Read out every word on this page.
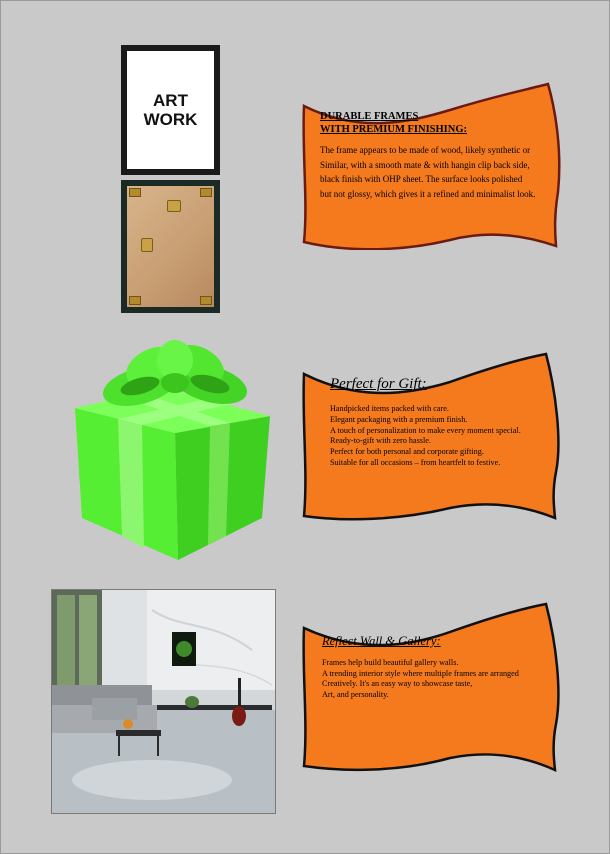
ART
WORK	DURABLE FRAMES
WITH PREMIUM FINISHING:
The frame appears to be made of wood, likely synthetic or
Similar, with a smooth mate & with hangin clip back side,
black finish with OHP sheet. The surface looks polished
but not glossy, which gives it a refined and minimalist look.
Perfect for Gift:
Handpicked items packed with care.
Elegant packaging with a premium finish.
A touch of personalization to make every moment special.
Ready-to-gift with zero hassle.
Perfect for both personal and corporate gifting.
Suitable for all occasions – from heartfelt to festive.
Reflect Wall & Gallery:
Frames help build beautiful gallery walls.
A trending interior style where multiple frames are arranged
Creatively. It's an easy way to showcase taste,
Art, and personality.
